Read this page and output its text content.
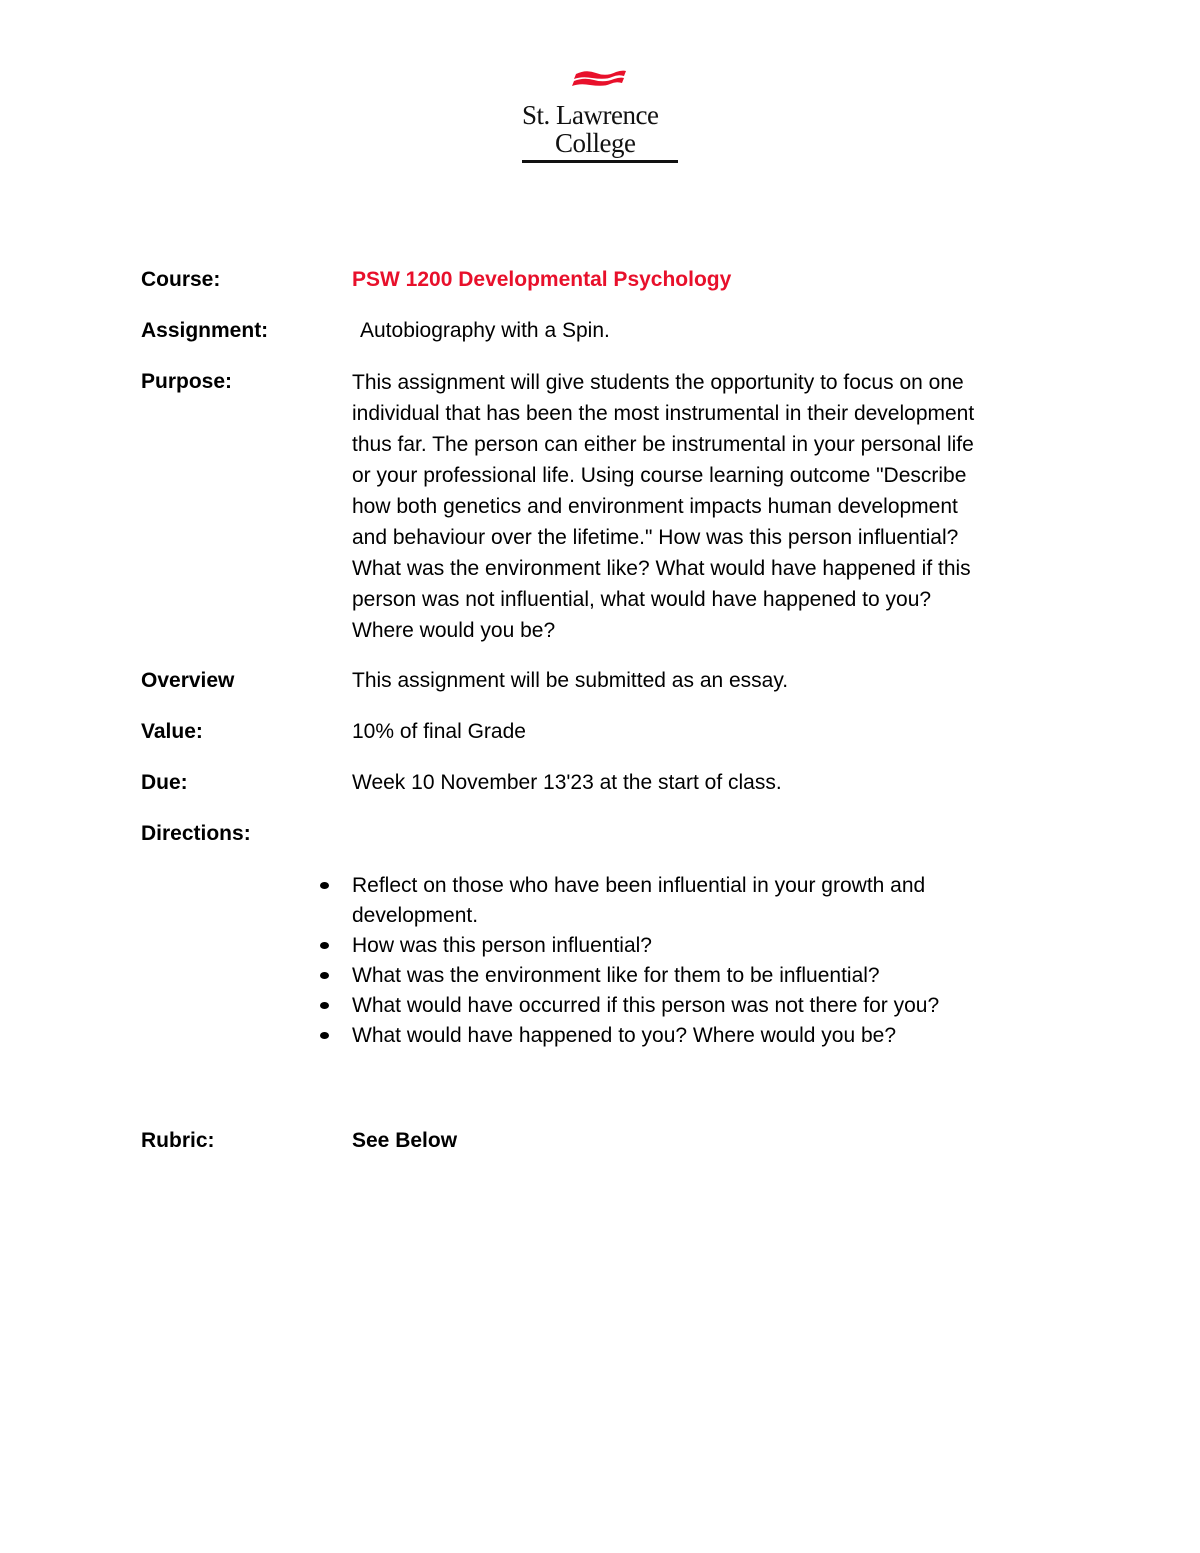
St. Lawrence
College
Course:	PSW 1200 Developmental Psychology
Assignment:	Autobiography with a Spin.
Purpose:	This assignment will give students the opportunity to focus on one
individual that has been the most instrumental in their development
thus far. The person can either be instrumental in your personal life
or your professional life. Using course learning outcome "Describe
how both genetics and environment impacts human development
and behaviour over the lifetime." How was this person influential?
What was the environment like? What would have happened if this
person was not influential, what would have happened to you?
Where would you be?
Overview	This assignment will be submitted as an essay.
Value:	10% of final Grade
Due:	Week 10 November 13'23 at the start of class.
Directions:
Reflect on those who have been influential in your growth and
development.
How was this person influential?
What was the environment like for them to be influential?
What would have occurred if this person was not there for you?
What would have happened to you? Where would you be?
Rubric:	See Below
